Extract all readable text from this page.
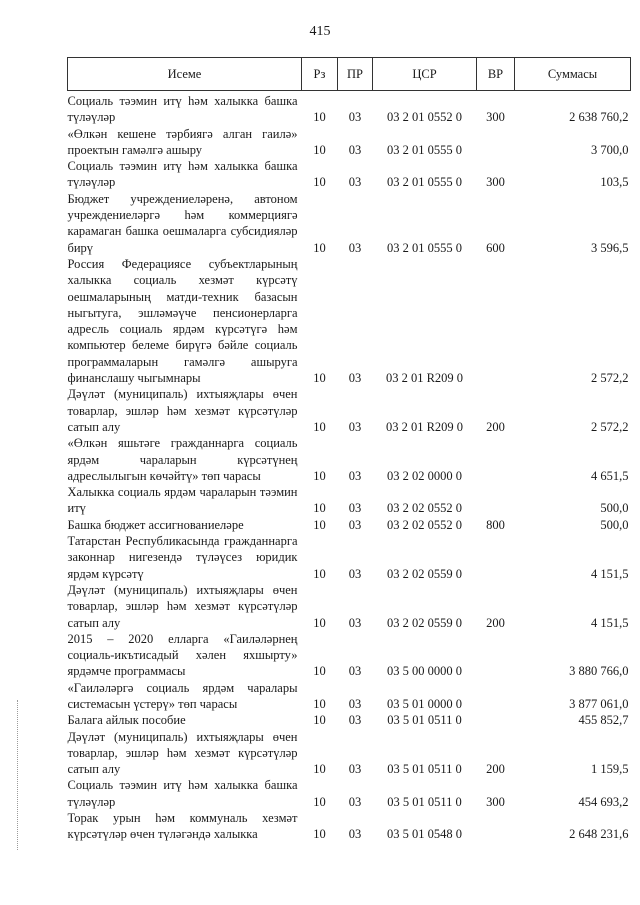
415
Исеме	Рз	ПР	ЦСР	ВР	Суммасы
Социаль тәэмин итү һәм халыкка башка түләүләр	10	03	03 2 01 0552 0	300	2 638 760,2
«Өлкән кешене тәрбиягә алган гаилә» проектын гамәлгә ашыру	10	03	03 2 01 0555 0		3 700,0
Социаль тәэмин итү һәм халыкка башка түләүләр	10	03	03 2 01 0555 0	300	103,5
Бюджет учреждениеләренә, автоном учреждениеләргә һәм коммерциягә карамаган башка оешмаларга субсидияләр бирү	10	03	03 2 01 0555 0	600	3 596,5
Россия Федерациясе субъектларының халыкка социаль хезмәт күрсәтү оешмаларының матди-техник базасын ныгытуга, эшләмәүче пенсионерларга адресль социаль ярдәм күрсәтүгә һәм компьютер белеме бирүгә бәйле социаль программаларын гамәлгә ашыруга финанслашу чыгымнары	10	03	03 2 01 R209 0		2 572,2
Дәүләт (муниципаль) ихтыяҗлары өчен товарлар, эшләр һәм хезмәт күрсәтүләр сатып алу	10	03	03 2 01 R209 0	200	2 572,2
«Өлкән яшьтәге гражданнарга социаль ярдәм чараларын күрсәтүнең адреслылыгын көчәйтү» төп чарасы	10	03	03 2 02 0000 0		4 651,5
Халыкка социаль ярдәм чараларын тәэмин итү	10	03	03 2 02 0552 0		500,0
Башка бюджет ассигнованиеләре	10	03	03 2 02 0552 0	800	500,0
Татарстан Республикасында гражданнарга законнар нигезендә түләүсез юридик ярдәм күрсәтү	10	03	03 2 02 0559 0		4 151,5
Дәүләт (муниципаль) ихтыяҗлары өчен товарлар, эшләр һәм хезмәт күрсәтүләр сатып алу	10	03	03 2 02 0559 0	200	4 151,5
2015 – 2020 елларга «Гаиләләрнең социаль-икътисадый хәлен яхшырту» ярдәмче программасы	10	03	03 5 00 0000 0		3 880 766,0
«Гаиләләргә социаль ярдәм чаралары системасын үстерү» төп чарасы	10	03	03 5 01 0000 0		3 877 061,0
Балага айлык пособие	10	03	03 5 01 0511 0		455 852,7
Дәүләт (муниципаль) ихтыяҗлары өчен товарлар, эшләр һәм хезмәт күрсәтүләр сатып алу	10	03	03 5 01 0511 0	200	1 159,5
Социаль тәэмин итү һәм халыкка башка түләүләр	10	03	03 5 01 0511 0	300	454 693,2
Торак урын һәм коммуналь хезмәт күрсәтүләр өчен түләгәндә халыкка	10	03	03 5 01 0548 0		2 648 231,6
